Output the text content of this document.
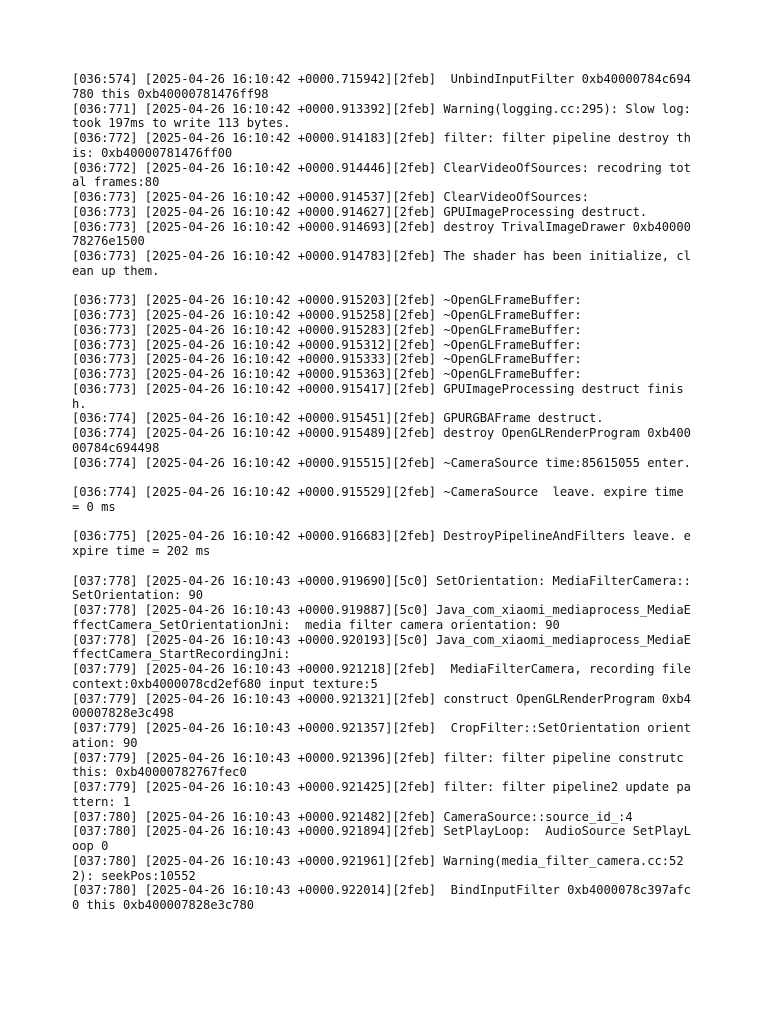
[036:574] [2025-04-26 16:10:42 +0000.715942][2feb]  UnbindInputFilter 0xb40000784c694780 this 0xb40000781476ff98
[036:771] [2025-04-26 16:10:42 +0000.913392][2feb] Warning(logging.cc:295): Slow log: took 197ms to write 113 bytes.
[036:772] [2025-04-26 16:10:42 +0000.914183][2feb] filter: filter pipeline destroy this: 0xb40000781476ff00
[036:772] [2025-04-26 16:10:42 +0000.914446][2feb] ClearVideoOfSources: recodring total frames:80
[036:773] [2025-04-26 16:10:42 +0000.914537][2feb] ClearVideoOfSources:
[036:773] [2025-04-26 16:10:42 +0000.914627][2feb] GPUImageProcessing destruct.
[036:773] [2025-04-26 16:10:42 +0000.914693][2feb] destroy TrivalImageDrawer 0xb4000078276e1500
[036:773] [2025-04-26 16:10:42 +0000.914783][2feb] The shader has been initialize, clean up them.
[036:773] [2025-04-26 16:10:42 +0000.915203][2feb] ~OpenGLFrameBuffer:
[036:773] [2025-04-26 16:10:42 +0000.915258][2feb] ~OpenGLFrameBuffer:
[036:773] [2025-04-26 16:10:42 +0000.915283][2feb] ~OpenGLFrameBuffer:
[036:773] [2025-04-26 16:10:42 +0000.915312][2feb] ~OpenGLFrameBuffer:
[036:773] [2025-04-26 16:10:42 +0000.915333][2feb] ~OpenGLFrameBuffer:
[036:773] [2025-04-26 16:10:42 +0000.915363][2feb] ~OpenGLFrameBuffer:
[036:773] [2025-04-26 16:10:42 +0000.915417][2feb] GPUImageProcessing destruct finish.
[036:774] [2025-04-26 16:10:42 +0000.915451][2feb] GPURGBAFrame destruct.
[036:774] [2025-04-26 16:10:42 +0000.915489][2feb] destroy OpenGLRenderProgram 0xb40000784c694498
[036:774] [2025-04-26 16:10:42 +0000.915515][2feb] ~CameraSource time:85615055 enter.
[036:774] [2025-04-26 16:10:42 +0000.915529][2feb] ~CameraSource  leave. expire time = 0 ms
[036:775] [2025-04-26 16:10:42 +0000.916683][2feb] DestroyPipelineAndFilters leave. expire time = 202 ms
[037:778] [2025-04-26 16:10:43 +0000.919690][5c0] SetOrientation: MediaFilterCamera:: SetOrientation: 90
[037:778] [2025-04-26 16:10:43 +0000.919887][5c0] Java_com_xiaomi_mediaprocess_MediaEffectCamera_SetOrientationJni:  media filter camera orientation: 90
[037:778] [2025-04-26 16:10:43 +0000.920193][5c0] Java_com_xiaomi_mediaprocess_MediaEffectCamera_StartRecordingJni:
[037:779] [2025-04-26 16:10:43 +0000.921218][2feb]  MediaFilterCamera, recording file context:0xb4000078cd2ef680 input texture:5
[037:779] [2025-04-26 16:10:43 +0000.921321][2feb] construct OpenGLRenderProgram 0xb400007828e3c498
[037:779] [2025-04-26 16:10:43 +0000.921357][2feb]  CropFilter::SetOrientation orientation: 90
[037:779] [2025-04-26 16:10:43 +0000.921396][2feb] filter: filter pipeline construtc this: 0xb40000782767fec0
[037:779] [2025-04-26 16:10:43 +0000.921425][2feb] filter: filter pipeline2 update pattern: 1
[037:780] [2025-04-26 16:10:43 +0000.921482][2feb] CameraSource::source_id_:4
[037:780] [2025-04-26 16:10:43 +0000.921894][2feb] SetPlayLoop:  AudioSource SetPlayLoop 0
[037:780] [2025-04-26 16:10:43 +0000.921961][2feb] Warning(media_filter_camera.cc:522): seekPos:10552
[037:780] [2025-04-26 16:10:43 +0000.922014][2feb]  BindInputFilter 0xb4000078c397afc0 this 0xb400007828e3c780
